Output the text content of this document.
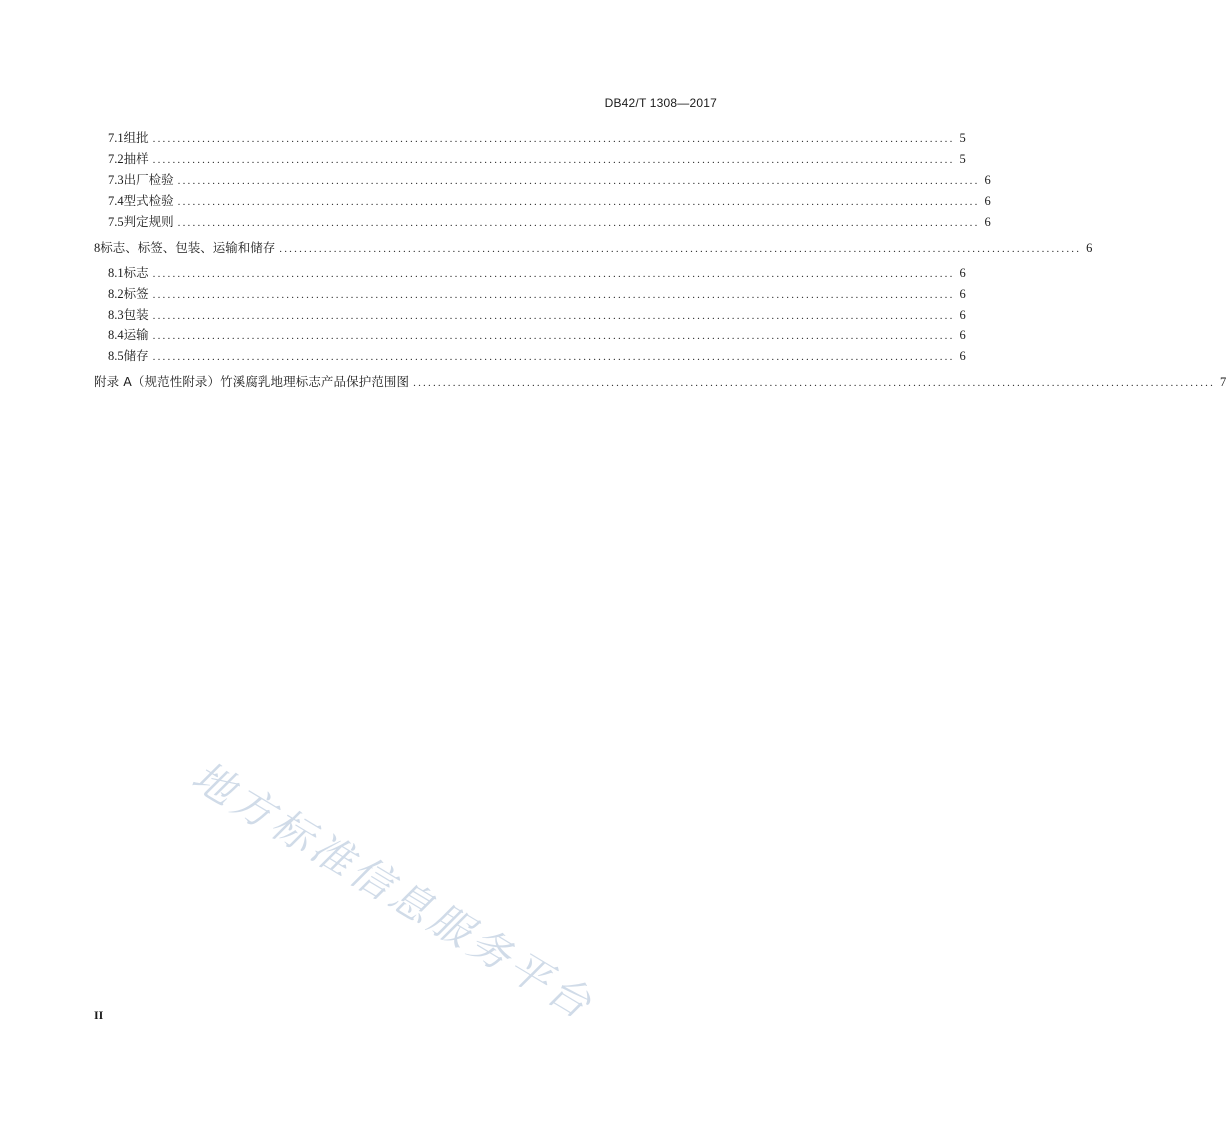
DB42/T 1308—2017
7.1 组批 .................................................................................................................................................................. 5
7.2 抽样 .................................................................................................................................................................. 5
7.3 出厂检验 .................................................................................................................................................................. 6
7.4 型式检验 .................................................................................................................................................................. 6
7.5 判定规则 .................................................................................................................................................................. 6
8 标志、标签、包装、运输和储存 .................................................................................................................................................................. 6
8.1 标志 .................................................................................................................................................................. 6
8.2 标签 .................................................................................................................................................................. 6
8.3 包装 .................................................................................................................................................................. 6
8.4 运输 .................................................................................................................................................................. 6
8.5 储存 .................................................................................................................................................................. 6
附录 A（规范性附录） 竹溪腐乳地理标志产品保护范围图 .................................................................................................................................................................. 7
地方标准信息服务平台
II
